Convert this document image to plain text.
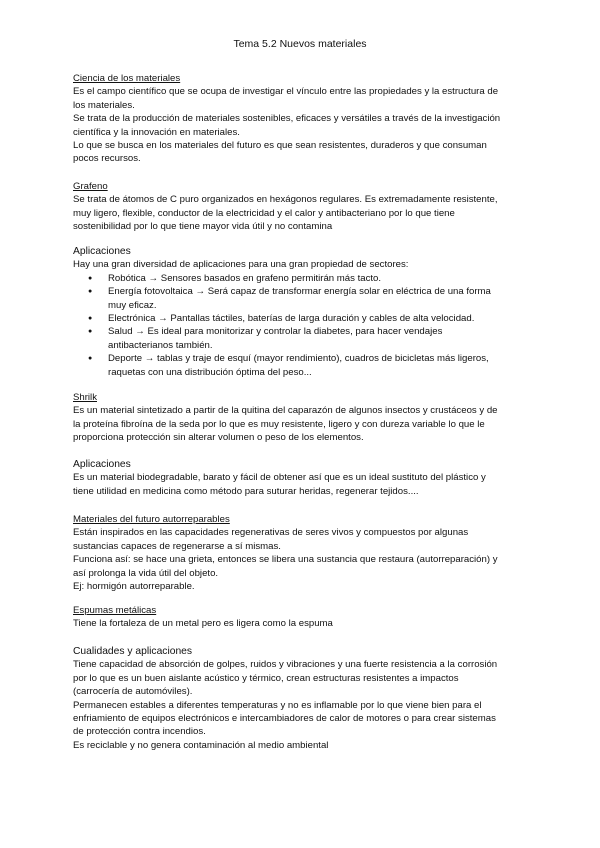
Tema 5.2 Nuevos materiales

Ciencia de los materiales

Es el campo científico que se ocupa de investigar el vínculo entre las propiedades y la estructura de

los materiales.

Se trata de la producción de materiales sostenibles, eficaces y versátiles a través de la investigación

científica y la innovación en materiales.

Lo que se busca en los materiales del futuro es que sean resistentes, duraderos y que consuman

pocos recursos.

Grafeno

Se trata de átomos de C puro organizados en hexágonos regulares. Es extremadamente resistente,

muy ligero, flexible, conductor de la electricidad y el calor y antibacteriano por lo que tiene

sostenibilidad por lo que tiene mayor vida útil y no contamina

Aplicaciones

Hay una gran diversidad de aplicaciones para una gran propiedad de sectores:

● Robótica → Sensores basados en grafeno permitirán más tacto.
● Energía fotovoltaica → Será capaz de transformar energía solar en eléctrica de una forma
muy eficaz.
● Electrónica → Pantallas táctiles, baterías de larga duración y cables de alta velocidad.
● Salud → Es ideal para monitorizar y controlar la diabetes, para hacer vendajes
antibacterianos también.
● Deporte → tablas y traje de esquí (mayor rendimiento), cuadros de bicicletas más ligeros,
raquetas con una distribución óptima del peso...

Shrilk

Es un material sintetizado a partir de la quitina del caparazón de algunos insectos y crustáceos y de

la proteína fibroína de la seda por lo que es muy resistente, ligero y con dureza variable lo que le

proporciona protección sin alterar volumen o peso de los elementos.

Aplicaciones

Es un material biodegradable, barato y fácil de obtener así que es un ideal sustituto del plástico y

tiene utilidad en medicina como método para suturar heridas, regenerar tejidos....

Materiales del futuro autorreparables

Están inspirados en las capacidades regenerativas de seres vivos y compuestos por algunas

sustancias capaces de regenerarse a sí mismas.

Funciona así: se hace una grieta, entonces se libera una sustancia que restaura (autorreparación) y

así prolonga la vida útil del objeto.

Ej: hormigón autorreparable.

Espumas metálicas

Tiene la fortaleza de un metal pero es ligera como la espuma

Cualidades y aplicaciones

Tiene capacidad de absorción de golpes, ruidos y vibraciones y una fuerte resistencia a la corrosión

por lo que es un buen aislante acústico y térmico, crean estructuras resistentes a impactos

(carrocería de automóviles).

Permanecen estables a diferentes temperaturas y no es inflamable por lo que viene bien para el

enfriamiento de equipos electrónicos e intercambiadores de calor de motores o para crear sistemas

de protección contra incendios.

Es reciclable y no genera contaminación al medio ambiental
